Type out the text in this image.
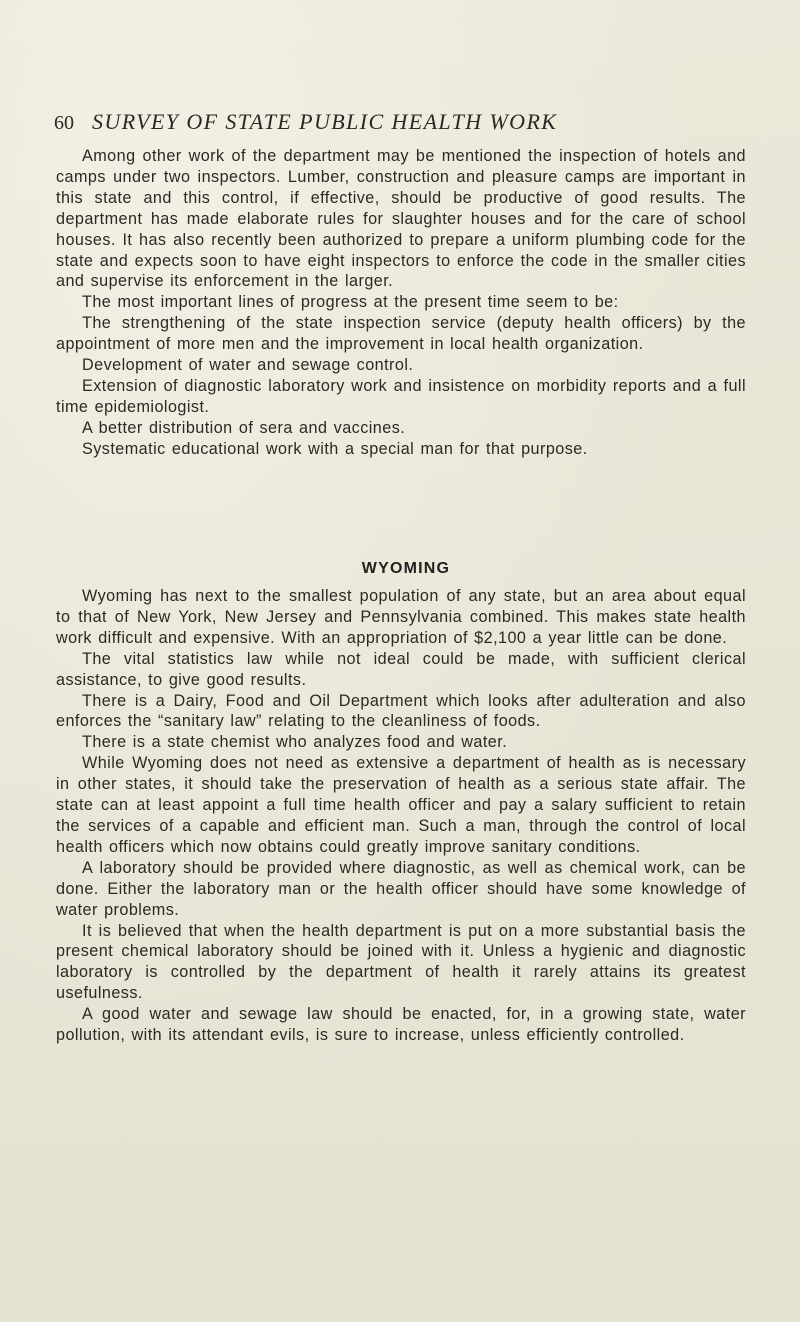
60 SURVEY OF STATE PUBLIC HEALTH WORK

Among other work of the department may be mentioned the inspection of hotels and camps under two inspectors. Lumber, construction and pleasure camps are important in this state and this control, if effective, should be productive of good results. The department has made elaborate rules for slaughter houses and for the care of school houses. It has also recently been authorized to prepare a uniform plumbing code for the state and expects soon to have eight inspectors to enforce the code in the smaller cities and supervise its enforcement in the larger.

The most important lines of progress at the present time seem to be:

The strengthening of the state inspection service (deputy health officers) by the appointment of more men and the improvement in local health organization.

Development of water and sewage control.

Extension of diagnostic laboratory work and insistence on morbidity reports and a full time epidemiologist.

A better distribution of sera and vaccines.

Systematic educational work with a special man for that purpose.

WYOMING

Wyoming has next to the smallest population of any state, but an area about equal to that of New York, New Jersey and Pennsylvania combined. This makes state health work difficult and expensive. With an appropriation of $2,100 a year little can be done.

The vital statistics law while not ideal could be made, with sufficient clerical assistance, to give good results.

There is a Dairy, Food and Oil Department which looks after adulteration and also enforces the “sanitary law” relating to the cleanliness of foods.

There is a state chemist who analyzes food and water.

While Wyoming does not need as extensive a department of health as is necessary in other states, it should take the preservation of health as a serious state affair. The state can at least appoint a full time health officer and pay a salary sufficient to retain the services of a capable and efficient man. Such a man, through the control of local health officers which now obtains could greatly improve sanitary conditions.

A laboratory should be provided where diagnostic, as well as chemical work, can be done. Either the laboratory man or the health officer should have some knowledge of water problems.

It is believed that when the health department is put on a more substantial basis the present chemical laboratory should be joined with it. Unless a hygienic and diagnostic laboratory is controlled by the department of health it rarely attains its greatest usefulness.

A good water and sewage law should be enacted, for, in a growing state, water pollution, with its attendant evils, is sure to increase, unless efficiently controlled.
